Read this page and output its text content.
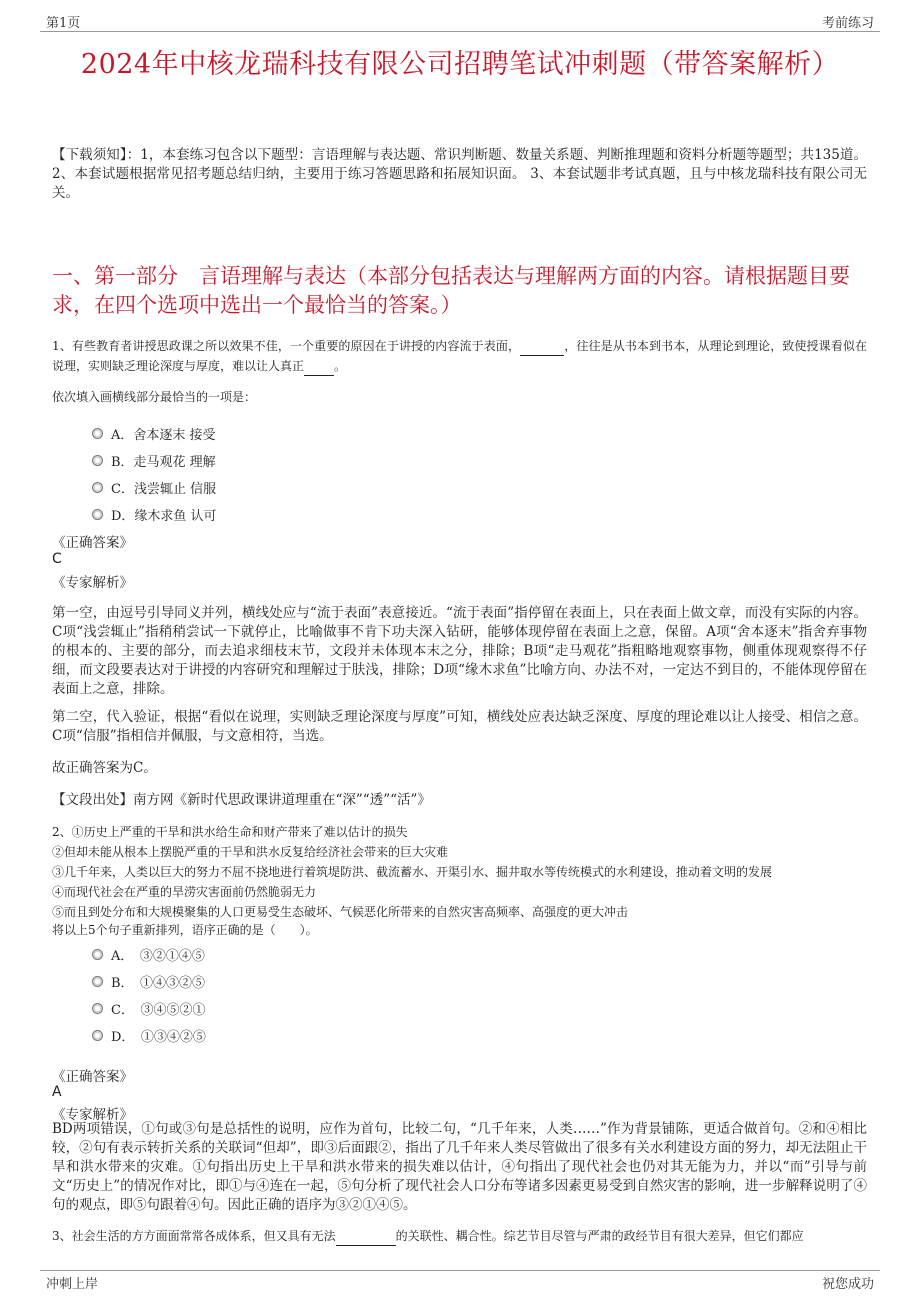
第1页	考前练习
2024年中核龙瑞科技有限公司招聘笔试冲刺题（带答案解析）
【下载须知】：1，本套练习包含以下题型：言语理解与表达题、常识判断题、数量关系题、判断推理题和资料分析题等题型；共135道。 2、本套试题根据常见招考题总结归纳，主要用于练习答题思路和拓展知识面。 3、本套试题非考试真题，且与中核龙瑞科技有限公司无关。
一、第一部分　言语理解与表达（本部分包括表达与理解两方面的内容。请根据题目要求，在四个选项中选出一个最恰当的答案。）
1、有些教育者讲授思政课之所以效果不佳，一个重要的原因在于讲授的内容流于表面，	，往往是从书本到书本，从理论到理论，致使授课看似在说理，实则缺乏理论深度与厚度，难以让人真正	。
依次填入画横线部分最恰当的一项是：
A．舍本逐末 接受
B．走马观花 理解
C．浅尝辄止 信服
D．缘木求鱼 认可
《正确答案》
C
《专家解析》
第一空，由逗号引导同义并列，横线处应与“流于表面”表意接近。“流于表面”指停留在表面上，只在表面上做文章，而没有实际的内容。C项“浅尝辄止”指稍稍尝试一下就停止，比喻做事不肯下功夫深入钻研，能够体现停留在表面上之意，保留。A项“舍本逐末”指舍弃事物的根本的、主要的部分，而去追求细枝末节，文段并未体现本末之分，排除；B项“走马观花”指粗略地观察事物，侧重体现观察得不仔细，而文段要表达对于讲授的内容研究和理解过于肤浅，排除；D项“缘木求鱼”比喻方向、办法不对，一定达不到目的，不能体现停留在表面上之意，排除。
第二空，代入验证，根据“看似在说理，实则缺乏理论深度与厚度”可知，横线处应表达缺乏深度、厚度的理论难以让人接受、相信之意。C项“信服”指相信并佩服，与文意相符，当选。
故正确答案为C。
【文段出处】南方网《新时代思政课讲道理重在“深”“透”“活”》
2、①历史上严重的干旱和洪水给生命和财产带来了难以估计的损失
②但却未能从根本上摆脱严重的干旱和洪水反复给经济社会带来的巨大灾难
③几千年来，人类以巨大的努力不屈不挠地进行着筑堤防洪、截流蓄水、开渠引水、掘井取水等传统模式的水利建设，推动着文明的发展
④而现代社会在严重的旱涝灾害面前仍然脆弱无力
⑤而且到处分布和大规模聚集的人口更易受生态破坏、气候恶化所带来的自然灾害高频率、高强度的更大冲击
将以上5个句子重新排列，语序正确的是（　　）。
A．　③②①④⑤
B．　①④③②⑤
C．　③④⑤②①
D．　①③④②⑤
《正确答案》
A
《专家解析》
BD两项错误，①句或③句是总括性的说明，应作为首句，比较二句，“几千年来，人类……”作为背景铺陈，更适合做首句。②和④相比较，②句有表示转折关系的关联词“但却”，即③后面跟②，指出了几千年来人类尽管做出了很多有关水利建设方面的努力，却无法阻止干旱和洪水带来的灾难。①句指出历史上干旱和洪水带来的损失难以估计，④句指出了现代社会也仍对其无能为力，并以“而”引导与前文“历史上”的情况作对比，即①与④连在一起，⑤句分析了现代社会人口分布等诸多因素更易受到自然灾害的影响，进一步解释说明了④句的观点，即⑤句跟着④句。因此正确的语序为③②①④⑤。
3、社会生活的方方面面常常各成体系，但又具有无法	的关联性、耦合性。综艺节目尽管与严肃的政经节目有很大差异，但它们都应
冲刺上岸	祝您成功
